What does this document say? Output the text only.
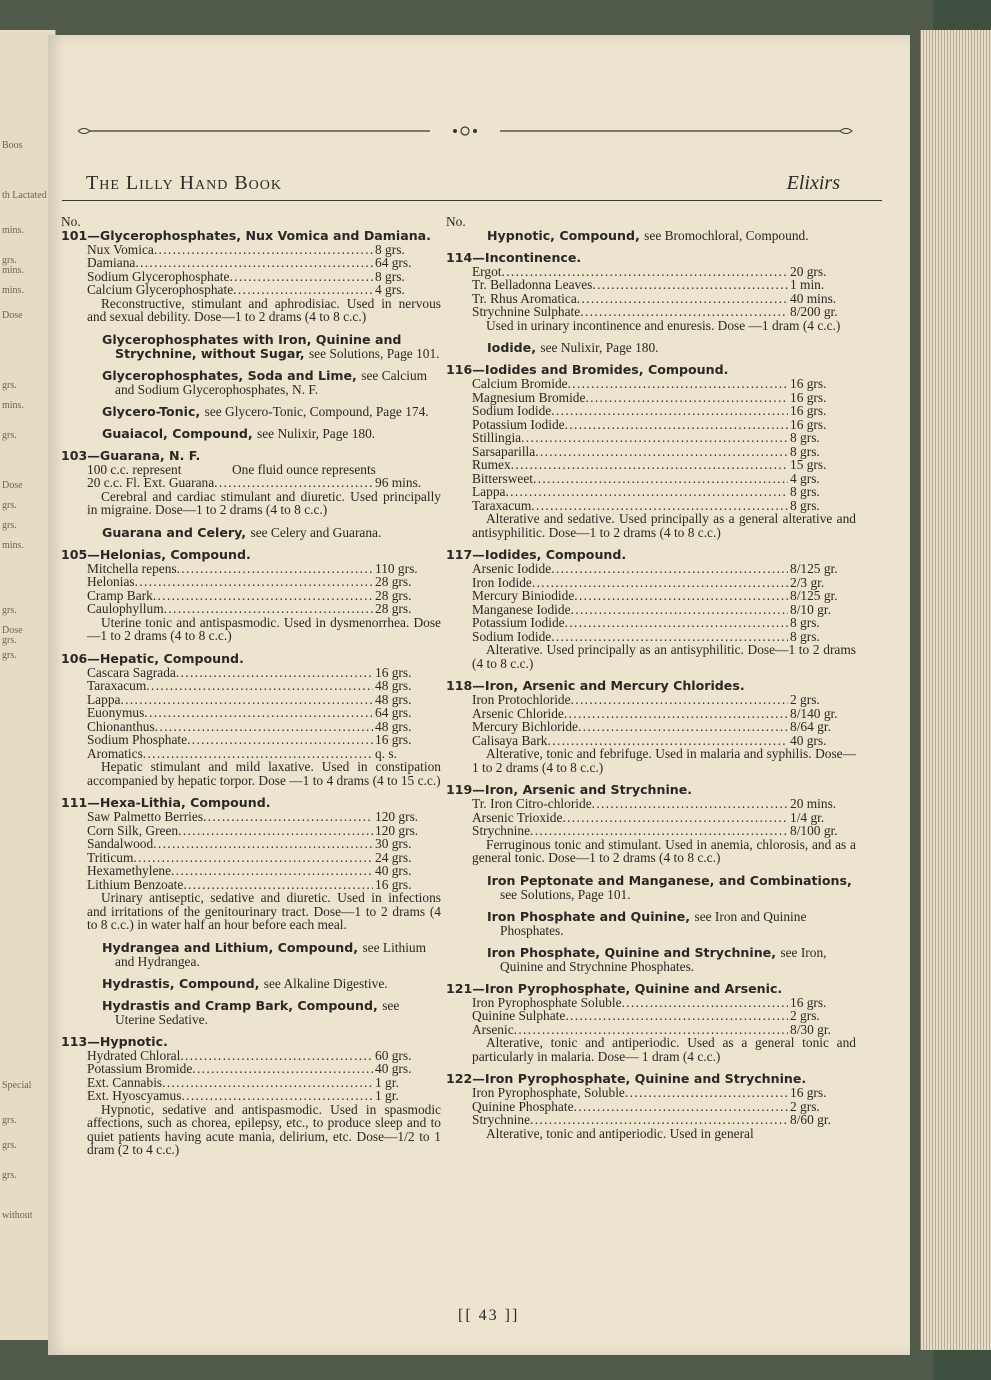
Boos
th Lactated
mins.
grs.
mins.
mins.
Dose
grs.
mins.
grs.
Dose
grs.
grs.
mins.
grs.
Dose
grs.
grs.
Special
grs.
grs.
grs.
without
The Lilly Hand Book	Elixirs
No.
101—Glycerophosphates, Nux Vomica and Damiana.
Nux Vomica . . .	8 grs.
Damiana . . .	64 grs.
Sodium Glycerophosphate . . .	8 grs.
Calcium Glycerophosphate . . .	4 grs.
Reconstructive, stimulant and aphrodisiac. Used in nervous and sexual debility. Dose—1 to 2 drams (4 to 8 c.c.)
Glycerophosphates with Iron, Quinine and Strychnine, without Sugar, see Solutions, Page 101.
Glycerophosphates, Soda and Lime, see Calcium and Sodium Glycerophosphates, N. F.
Glycero-Tonic, see Glycero-Tonic, Compound, Page 174.
Guaiacol, Compound, see Nulixir, Page 180.
103—Guarana, N. F.
100 c.c. represent	One fluid ounce represents
20 c.c. Fl. Ext. Guarana . . .	96 mins.
Cerebral and cardiac stimulant and diuretic. Used principally in migraine. Dose—1 to 2 drams (4 to 8 c.c.)
Guarana and Celery, see Celery and Guarana.
105—Helonias, Compound.
Mitchella repens . . .	110 grs.
Helonias . . .	28 grs.
Cramp Bark . . .	28 grs.
Caulophyllum . . .	28 grs.
Uterine tonic and antispasmodic. Used in dysmenorrhea. Dose—1 to 2 drams (4 to 8 c.c.)
106—Hepatic, Compound.
Cascara Sagrada . . .	16 grs.
Taraxacum . . .	48 grs.
Lappa . . .	48 grs.
Euonymus . . .	64 grs.
Chionanthus . . .	48 grs.
Sodium Phosphate . . .	16 grs.
Aromatics . . .	q. s.
Hepatic stimulant and mild laxative. Used in constipation accompanied by hepatic torpor. Dose —1 to 4 drams (4 to 15 c.c.)
111—Hexa-Lithia, Compound.
Saw Palmetto Berries . . .	120 grs.
Corn Silk, Green . . .	120 grs.
Sandalwood . . .	30 grs.
Triticum . . .	24 grs.
Hexamethylene . . .	40 grs.
Lithium Benzoate . . .	16 grs.
Urinary antiseptic, sedative and diuretic. Used in infections and irritations of the genitourinary tract. Dose—1 to 2 drams (4 to 8 c.c.) in water half an hour before each meal.
Hydrangea and Lithium, Compound, see Lithium and Hydrangea.
Hydrastis, Compound, see Alkaline Digestive.
Hydrastis and Cramp Bark, Compound, see Uterine Sedative.
113—Hypnotic.
Hydrated Chloral . . .	60 grs.
Potassium Bromide . . .	40 grs.
Ext. Cannabis . . .	1 gr.
Ext. Hyoscyamus . . .	1 gr.
Hypnotic, sedative and antispasmodic. Used in spasmodic affections, such as chorea, epilepsy, etc., to produce sleep and to quiet patients having acute mania, delirium, etc. Dose—1/2 to 1 dram (2 to 4 c.c.)
No.
Hypnotic, Compound, see Bromochloral, Compound.
114—Incontinence.
Ergot . . .	20 grs.
Tr. Belladonna Leaves . . .	1 min.
Tr. Rhus Aromatica . . .	40 mins.
Strychnine Sulphate . . .	8/200 gr.
Used in urinary incontinence and enuresis. Dose —1 dram (4 c.c.)
Iodide, see Nulixir, Page 180.
116—Iodides and Bromides, Compound.
Calcium Bromide . . .	16 grs.
Magnesium Bromide . . .	16 grs.
Sodium Iodide . . .	16 grs.
Potassium Iodide . . .	16 grs.
Stillingia . . .	8 grs.
Sarsaparilla . . .	8 grs.
Rumex . . .	15 grs.
Bittersweet . . .	4 grs.
Lappa . . .	8 grs.
Taraxacum . . .	8 grs.
Alterative and sedative. Used principally as a general alterative and antisyphilitic. Dose—1 to 2 drams (4 to 8 c.c.)
117—Iodides, Compound.
Arsenic Iodide . . .	8/125 gr.
Iron Iodide . . .	2/3 gr.
Mercury Biniodide . . .	8/125 gr.
Manganese Iodide . . .	8/10 gr.
Potassium Iodide . . .	8 grs.
Sodium Iodide . . .	8 grs.
Alterative. Used principally as an antisyphilitic. Dose—1 to 2 drams (4 to 8 c.c.)
118—Iron, Arsenic and Mercury Chlorides.
Iron Protochloride . . .	2 grs.
Arsenic Chloride . . .	8/140 gr.
Mercury Bichloride . . .	8/64 gr.
Calisaya Bark . . .	40 grs.
Alterative, tonic and febrifuge. Used in malaria and syphilis. Dose—1 to 2 drams (4 to 8 c.c.)
119—Iron, Arsenic and Strychnine.
Tr. Iron Citro-chloride . . .	20 mins.
Arsenic Trioxide . . .	1/4 gr.
Strychnine . . .	8/100 gr.
Ferruginous tonic and stimulant. Used in anemia, chlorosis, and as a general tonic. Dose—1 to 2 drams (4 to 8 c.c.)
Iron Peptonate and Manganese, and Combinations, see Solutions, Page 101.
Iron Phosphate and Quinine, see Iron and Quinine Phosphates.
Iron Phosphate, Quinine and Strychnine, see Iron, Quinine and Strychnine Phosphates.
121—Iron Pyrophosphate, Quinine and Arsenic.
Iron Pyrophosphate Soluble . . .	16 grs.
Quinine Sulphate . . .	2 grs.
Arsenic . . .	8/30 gr.
Alterative, tonic and antiperiodic. Used as a general tonic and particularly in malaria. Dose— 1 dram (4 c.c.)
122—Iron Pyrophosphate, Quinine and Strychnine.
Iron Pyrophosphate, Soluble . . .	16 grs.
Quinine Phosphate . . .	2 grs.
Strychnine . . .	8/60 gr.
Alterative, tonic and antiperiodic. Used in general
[[ 43 ]]
